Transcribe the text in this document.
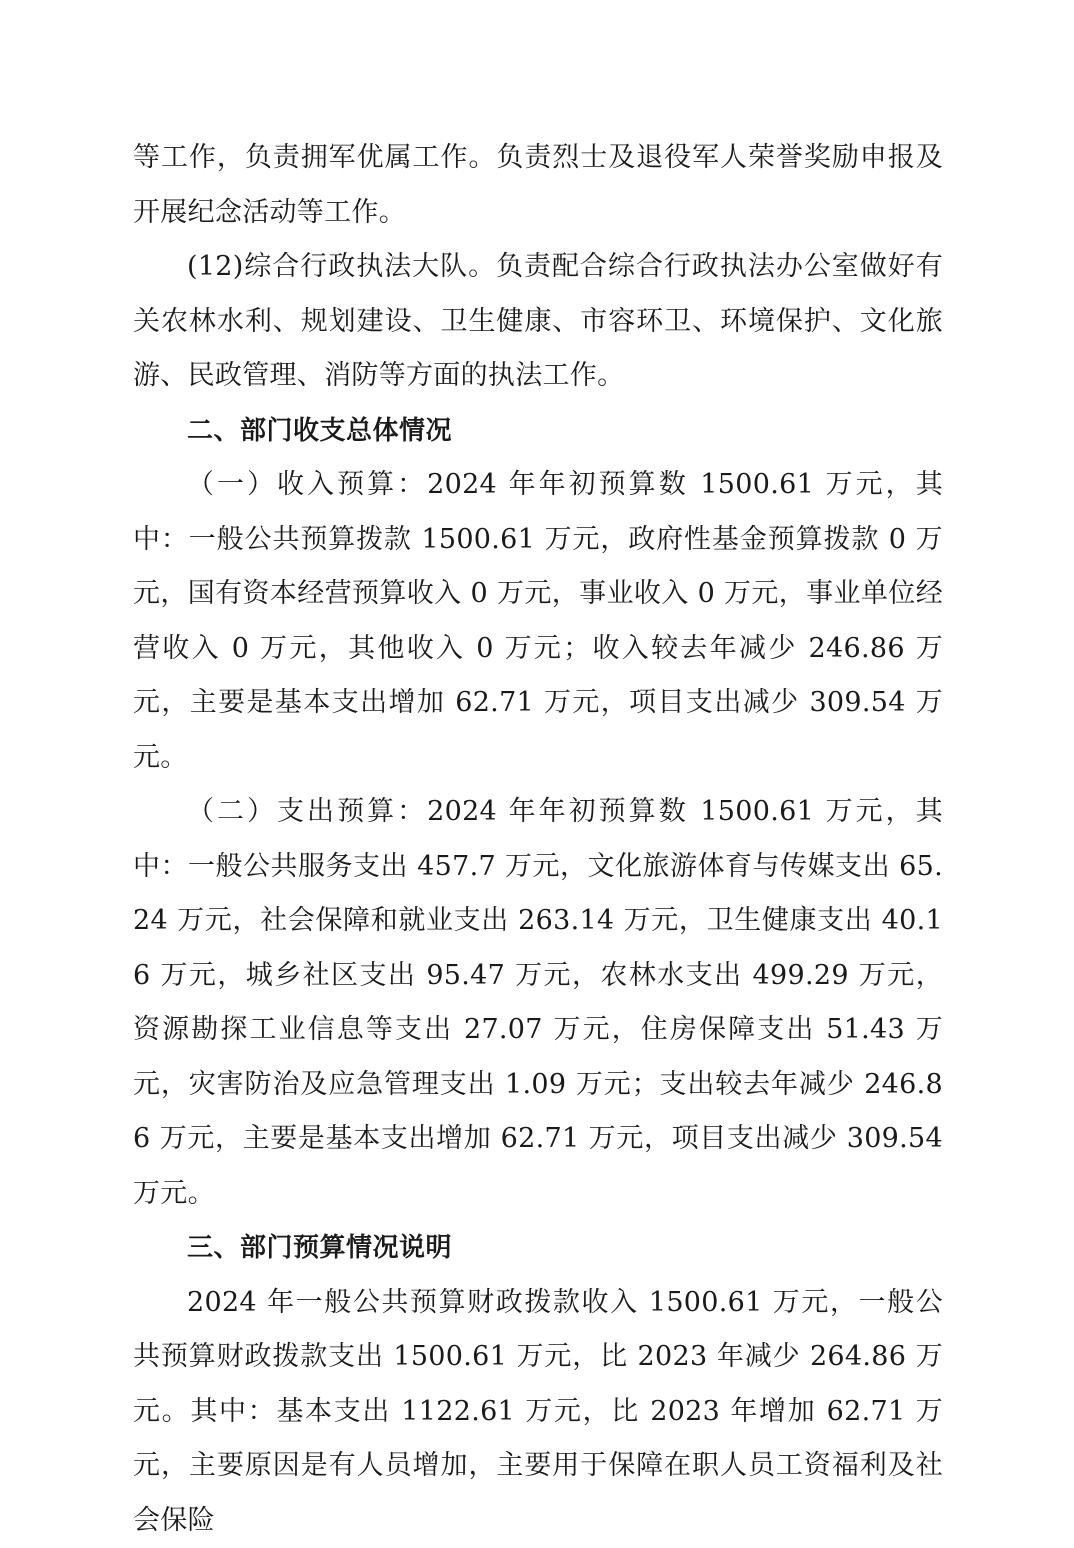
等工作，负责拥军优属工作。负责烈士及退役军人荣誉奖励申报及开展纪念活动等工作。

(12)综合行政执法大队。负责配合综合行政执法办公室做好有关农林水利、规划建设、卫生健康、市容环卫、环境保护、文化旅游、民政管理、消防等方面的执法工作。

二、部门收支总体情况

（一）收入预算：2024 年年初预算数 1500.61 万元，其中：一般公共预算拨款 1500.61 万元，政府性基金预算拨款 0 万元，国有资本经营预算收入 0 万元，事业收入 0 万元，事业单位经营收入 0 万元，其他收入 0 万元；收入较去年减少 246.86 万元，主要是基本支出增加 62.71 万元，项目支出减少 309.54 万元。

（二）支出预算：2024 年年初预算数 1500.61 万元，其中：一般公共服务支出 457.7 万元，文化旅游体育与传媒支出 65.24 万元，社会保障和就业支出 263.14 万元，卫生健康支出 40.16 万元，城乡社区支出 95.47 万元，农林水支出 499.29 万元，资源勘探工业信息等支出 27.07 万元，住房保障支出 51.43 万元，灾害防治及应急管理支出 1.09 万元；支出较去年减少 246.86 万元，主要是基本支出增加 62.71 万元，项目支出减少 309.54 万元。

三、部门预算情况说明

2024 年一般公共预算财政拨款收入 1500.61 万元，一般公共预算财政拨款支出 1500.61 万元，比 2023 年减少 264.86 万元。其中：基本支出 1122.61 万元，比 2023 年增加 62.71 万元，主要原因是有人员增加，主要用于保障在职人员工资福利及社会保险
